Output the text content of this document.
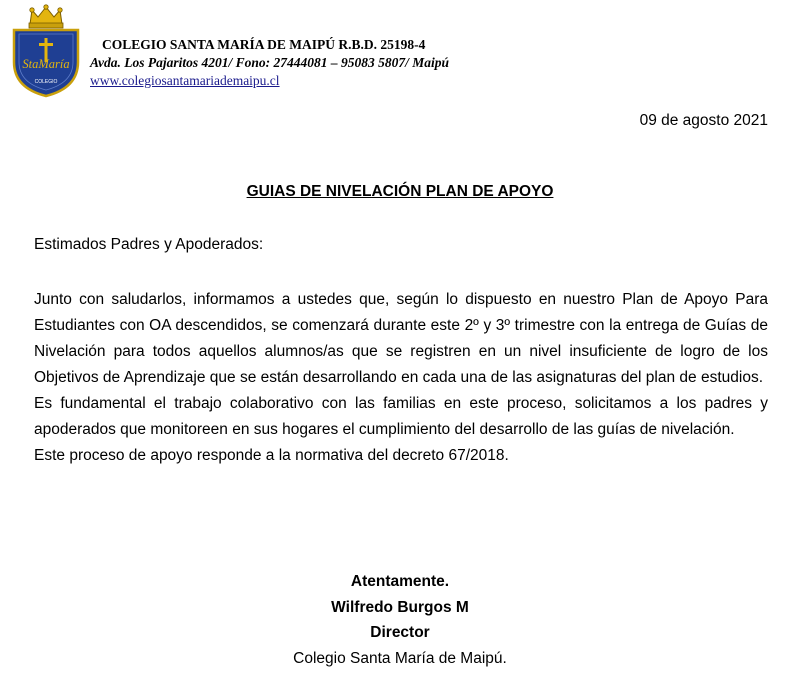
StaMaría
COLEGIO
COLEGIO SANTA MARÍA DE MAIPÚ R.B.D. 25198-4
Avda. Los Pajaritos 4201/ Fono: 27444081 – 95083 5807/ Maipú
www.colegiosantamariademaipu.cl
09 de agosto 2021
GUIAS DE NIVELACIÓN PLAN DE APOYO
Estimados Padres y Apoderados:

Junto con saludarlos, informamos a ustedes que, según lo dispuesto en nuestro Plan de Apoyo Para Estudiantes con OA descendidos, se comenzará durante este 2º y 3º trimestre con la entrega de Guías de Nivelación para todos aquellos alumnos/as que se registren en un nivel insuficiente de logro de los Objetivos de Aprendizaje que se están desarrollando en cada una de las asignaturas del plan de estudios.

Es fundamental el trabajo colaborativo con las familias en este proceso, solicitamos a los padres y apoderados que monitoreen en sus hogares el cumplimiento del desarrollo de las guías de nivelación.

Este proceso de apoyo responde a la normativa del decreto 67/2018.

Atentamente.
Wilfredo Burgos M
Director
Colegio Santa María de Maipú.
